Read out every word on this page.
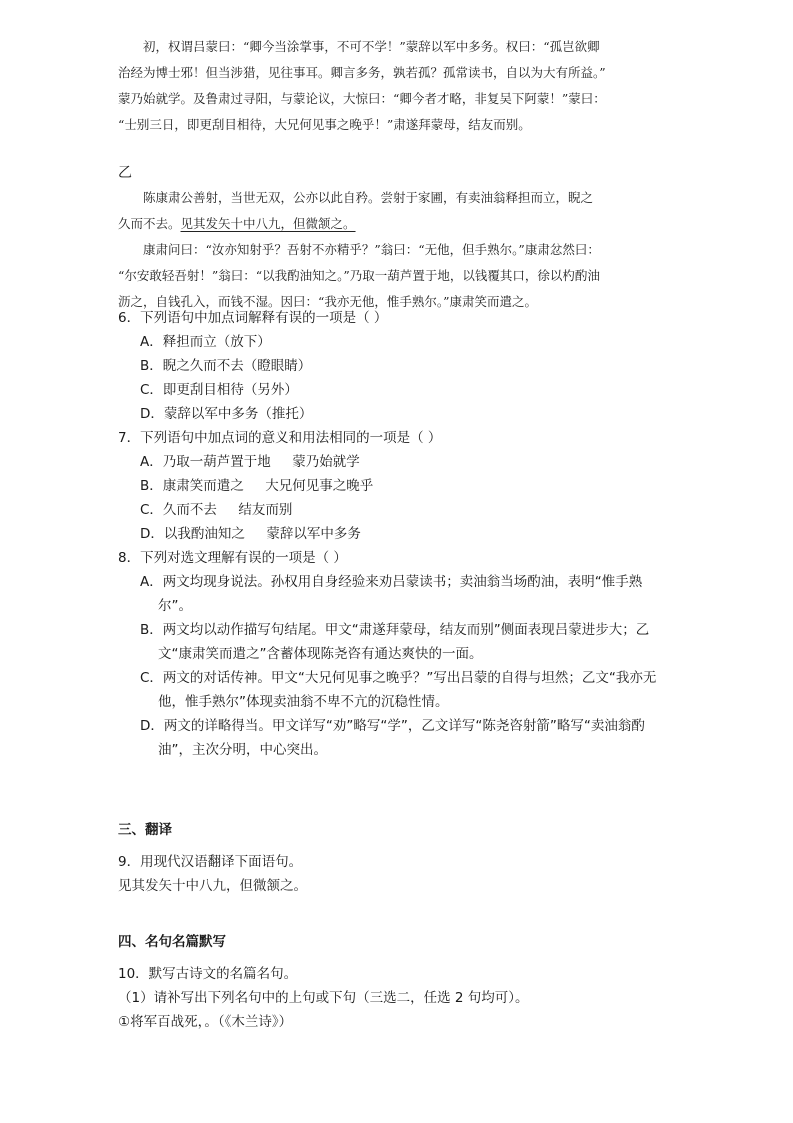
初，权谓吕蒙曰：“卿今当涂掌事，不可不学！”蒙辞以军中多务。权曰：“孤岂欲卿
治经为博士邪！但当涉猎，见往事耳。卿言多务，孰若孤？孤常读书，自以为大有所益。”
蒙乃始就学。及鲁肃过寻阳，与蒙论议，大惊曰：“卿今者才略，非复吴下阿蒙！”蒙曰：
“士别三日，即更刮目相待，大兄何见事之晚乎！”肃遂拜蒙母，结友而别。
乙
陈康肃公善射，当世无双，公亦以此自矜。尝射于家圃，有卖油翁释担而立，睨之
久而不去。见其发矢十中八九，但微颔之。
康肃问曰：“汝亦知射乎？吾射不亦精乎？”翁曰：“无他，但手熟尔。”康肃忿然曰：
“尔安敢轻吾射！”翁曰：“以我酌油知之。”乃取一葫芦置于地，以钱覆其口，徐以杓酌油
沥之，自钱孔入，而钱不湿。因曰：“我亦无他，惟手熟尔。”康肃笑而遣之。

6．下列语句中加点词解释有误的一项是（ ）

A．释担而立（放下）

B．睨之久而不去（瞪眼睛）

C．即更刮目相待（另外）

D．蒙辞以军中多务（推托）

7．下列语句中加点词的意义和用法相同的一项是（ ）

A．乃取一葫芦置于地     蒙乃始就学

B．康肃笑而遣之     大兄何见事之晚乎

C．久而不去     结友而别

D．以我酌油知之     蒙辞以军中多务

8．下列对选文理解有误的一项是（ ）

A．两文均现身说法。孙权用自身经验来劝吕蒙读书；卖油翁当场酌油，表明“惟手熟

尔”。

B．两文均以动作描写句结尾。甲文“肃遂拜蒙母，结友而别”侧面表现吕蒙进步大；乙

文“康肃笑而遣之”含蓄体现陈尧咨有通达爽快的一面。

C．两文的对话传神。甲文“大兄何见事之晚乎？”写出吕蒙的自得与坦然；乙文“我亦无

他，惟手熟尔”体现卖油翁不卑不亢的沉稳性情。

D．两文的详略得当。甲文详写“劝”略写“学”，乙文详写“陈尧咨射箭”略写“卖油翁酌

油”，主次分明，中心突出。

三、翻译
9．用现代汉语翻译下面语句。
见其发矢十中八九，但微颔之。
四、名句名篇默写
10．默写古诗文的名篇名句。
（1）请补写出下列名句中的上句或下句（三选二，任选 2 句均可）。
①将军百战死，。（《木兰诗》）
